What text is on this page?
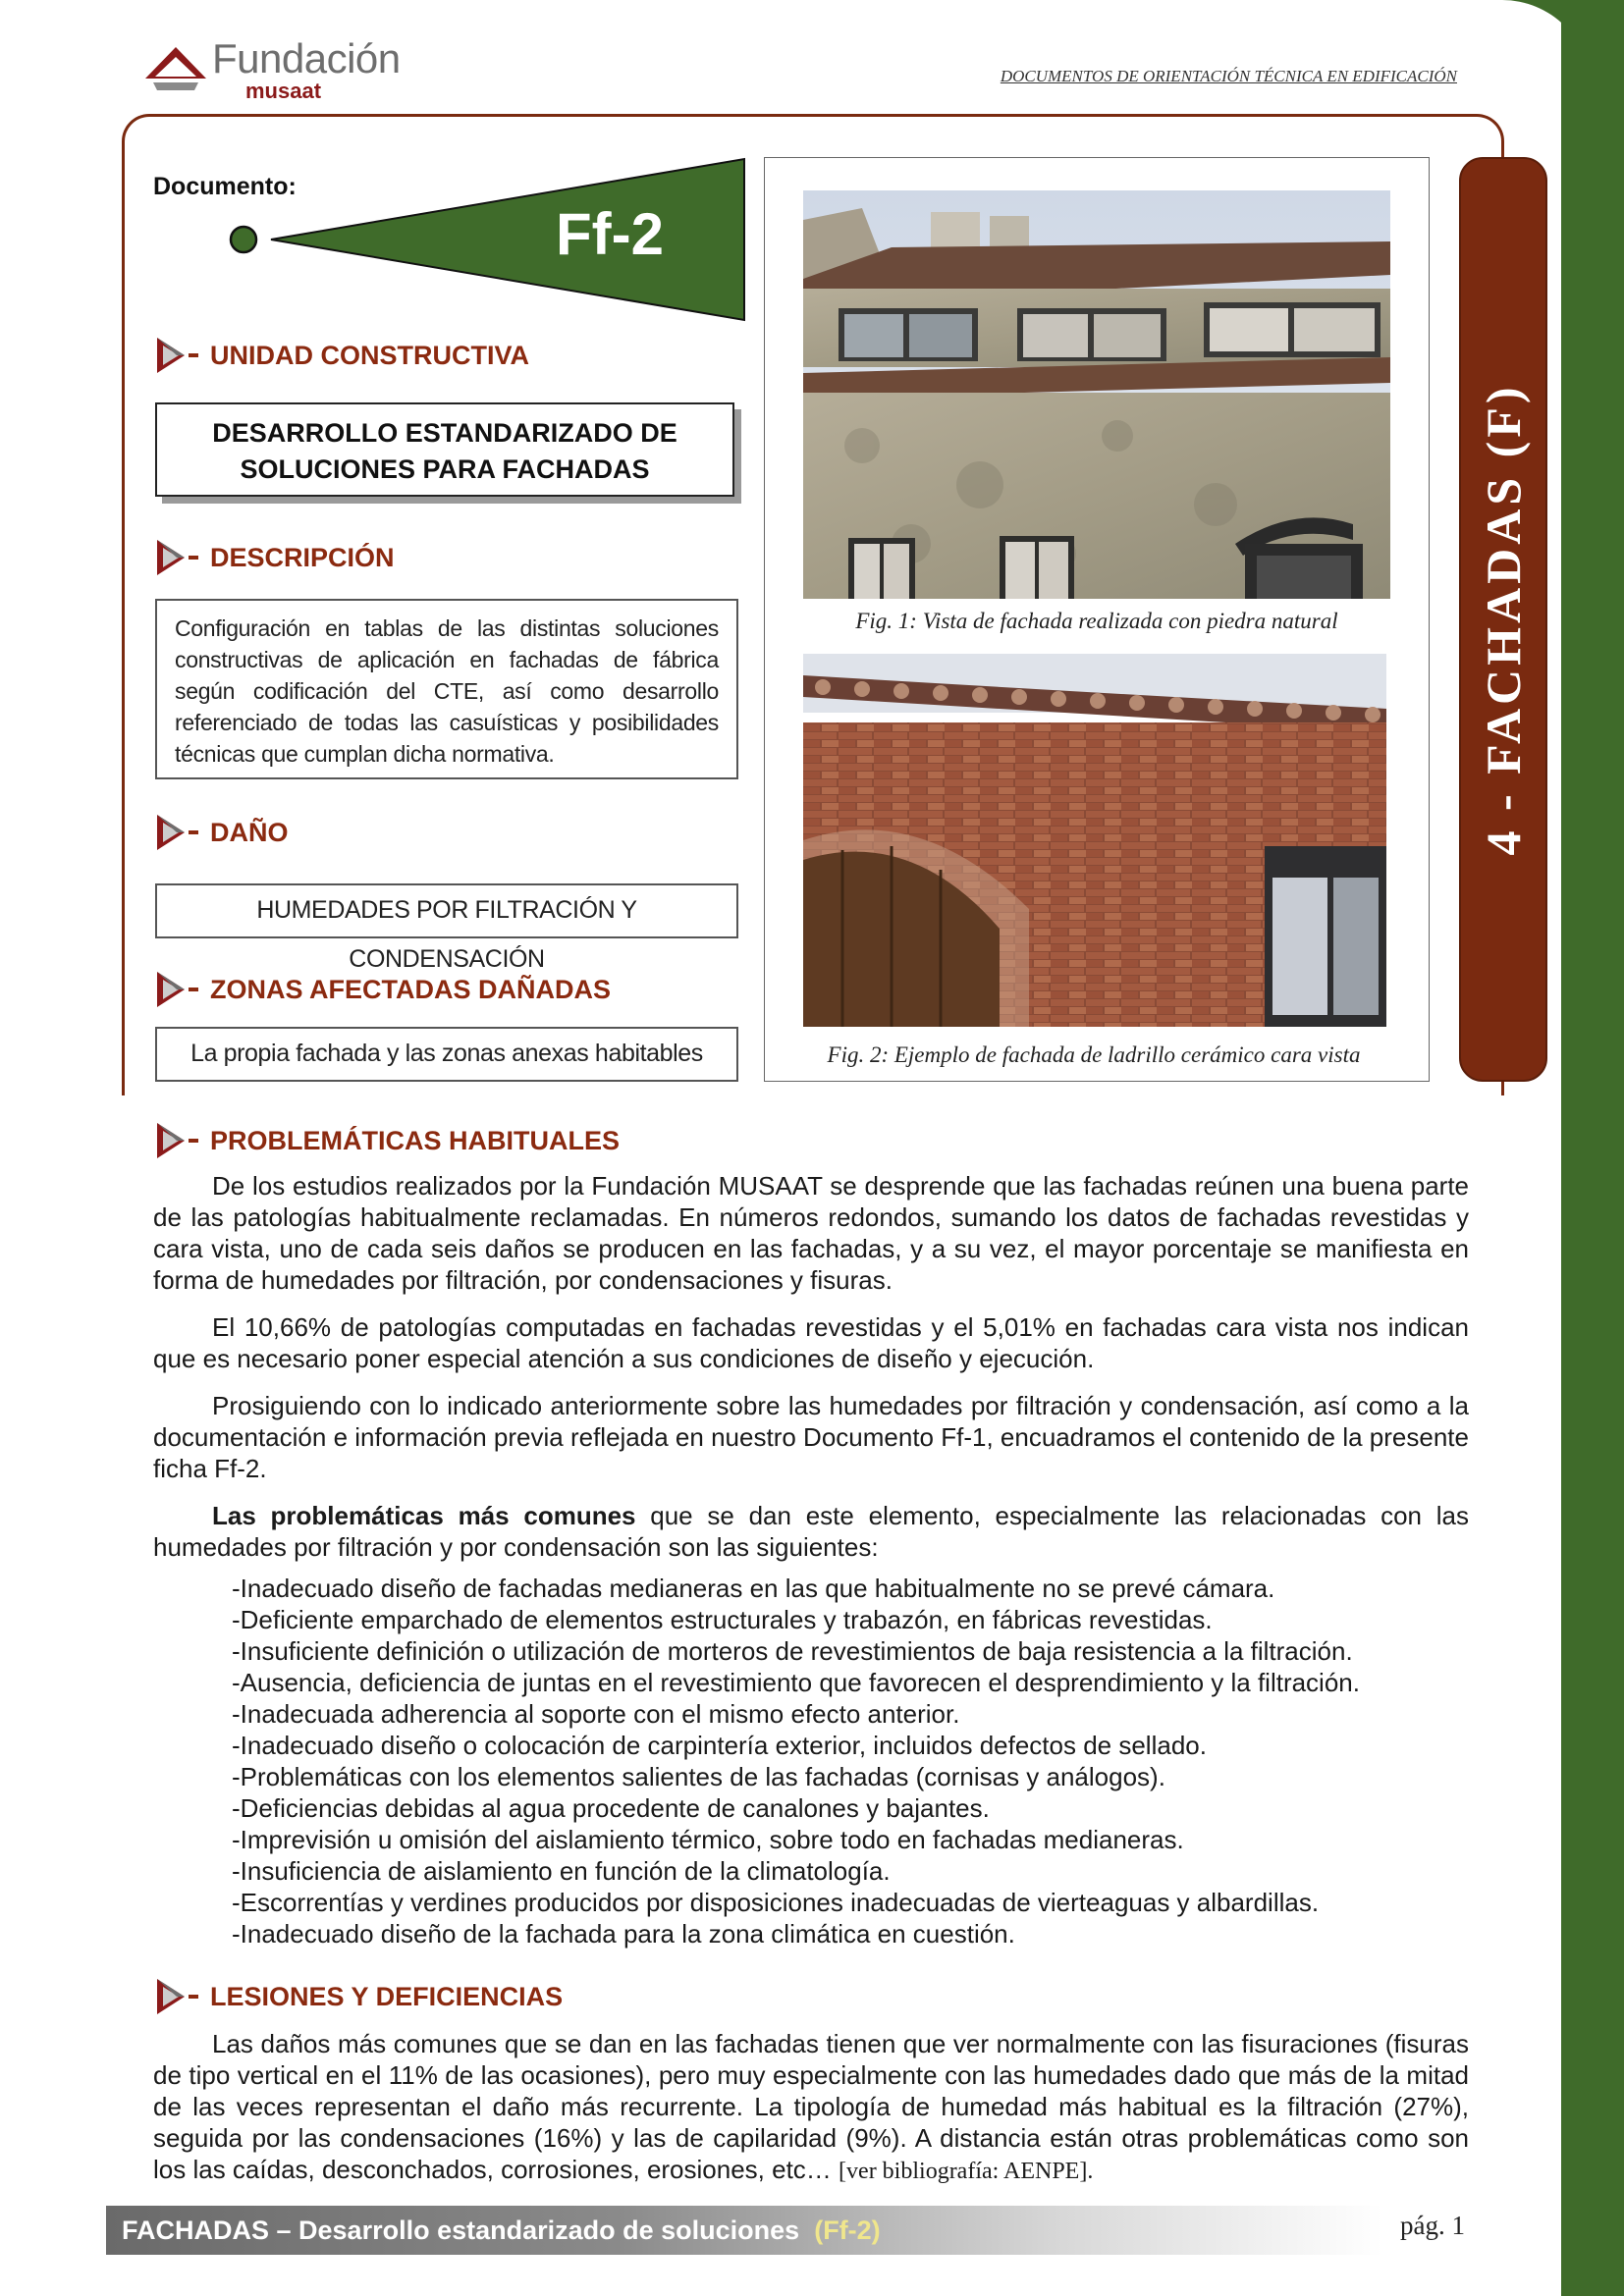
Fundación
musaat
DOCUMENTOS DE ORIENTACIÓN TÉCNICA EN EDIFICACIÓN
4 - FACHADAS (F)
Documento:
Ff-2
UNIDAD CONSTRUCTIVA
DESARROLLO ESTANDARIZADO DE
SOLUCIONES PARA FACHADAS
DESCRIPCIÓN
Configuración en tablas de las distintas soluciones constructivas de aplicación en fachadas de fábrica según codificación del CTE, así como desarrollo referenciado de todas las casuísticas y posibilidades técnicas que cumplan dicha normativa.
DAÑO
HUMEDADES POR FILTRACIÓN Y CONDENSACIÓN
ZONAS AFECTADAS DAÑADAS
La propia fachada y las zonas anexas habitables
Fig. 1: Vista de fachada realizada con piedra natural
Fig. 2: Ejemplo de fachada de ladrillo cerámico cara vista
PROBLEMÁTICAS HABITUALES

De los estudios realizados por la Fundación MUSAAT se desprende que las fachadas reúnen una buena parte de las patologías habitualmente reclamadas. En números redondos, sumando los datos de fachadas revestidas y cara vista, uno de cada seis daños se producen en las fachadas, y a su vez, el mayor porcentaje se manifiesta en forma de humedades por filtración, por condensaciones y fisuras.

El 10,66% de patologías computadas en fachadas revestidas y el 5,01% en fachadas cara vista nos indican que es necesario poner especial atención a sus condiciones de diseño y ejecución.

Prosiguiendo con lo indicado anteriormente sobre las humedades por filtración y condensación, así como a la documentación e información previa reflejada en nuestro Documento Ff-1, encuadramos el contenido de la presente ficha Ff-2.

Las problemáticas más comunes que se dan este elemento, especialmente las relacionadas con las humedades por filtración y por condensación son las siguientes:

-Inadecuado diseño de fachadas medianeras en las que habitualmente no se prevé cámara.
-Deficiente emparchado de elementos estructurales y trabazón, en fábricas revestidas.
-Insuficiente definición o utilización de morteros de revestimientos de baja resistencia a la filtración.
-Ausencia, deficiencia de juntas en el revestimiento que favorecen el desprendimiento y la filtración.
-Inadecuada adherencia al soporte con el mismo efecto anterior.
-Inadecuado diseño o colocación de carpintería exterior, incluidos defectos de sellado.
-Problemáticas con los elementos salientes de las fachadas (cornisas y análogos).
-Deficiencias debidas al agua procedente de canalones y bajantes.
-Imprevisión u omisión del aislamiento térmico, sobre todo en fachadas medianeras.
-Insuficiencia de aislamiento en función de la climatología.
-Escorrentías y verdines producidos por disposiciones inadecuadas de vierteaguas y albardillas.
-Inadecuado diseño de la fachada para la zona climática en cuestión.
LESIONES Y DEFICIENCIAS

Las daños más comunes que se dan en las fachadas tienen que ver normalmente con las fisuraciones (fisuras de tipo vertical en el 11% de las ocasiones), pero muy especialmente con las humedades dado que más de la mitad de las veces representan el daño más recurrente. La tipología de humedad más habitual es la filtración (27%), seguida por las condensaciones (16%) y las de capilaridad (9%). A distancia están otras problemáticas como son los las caídas, desconchados, corrosiones, erosiones, etc… [ver bibliografía: AENPE].

FACHADAS – Desarrollo estandarizado de soluciones (Ff-2)	pág. 1
